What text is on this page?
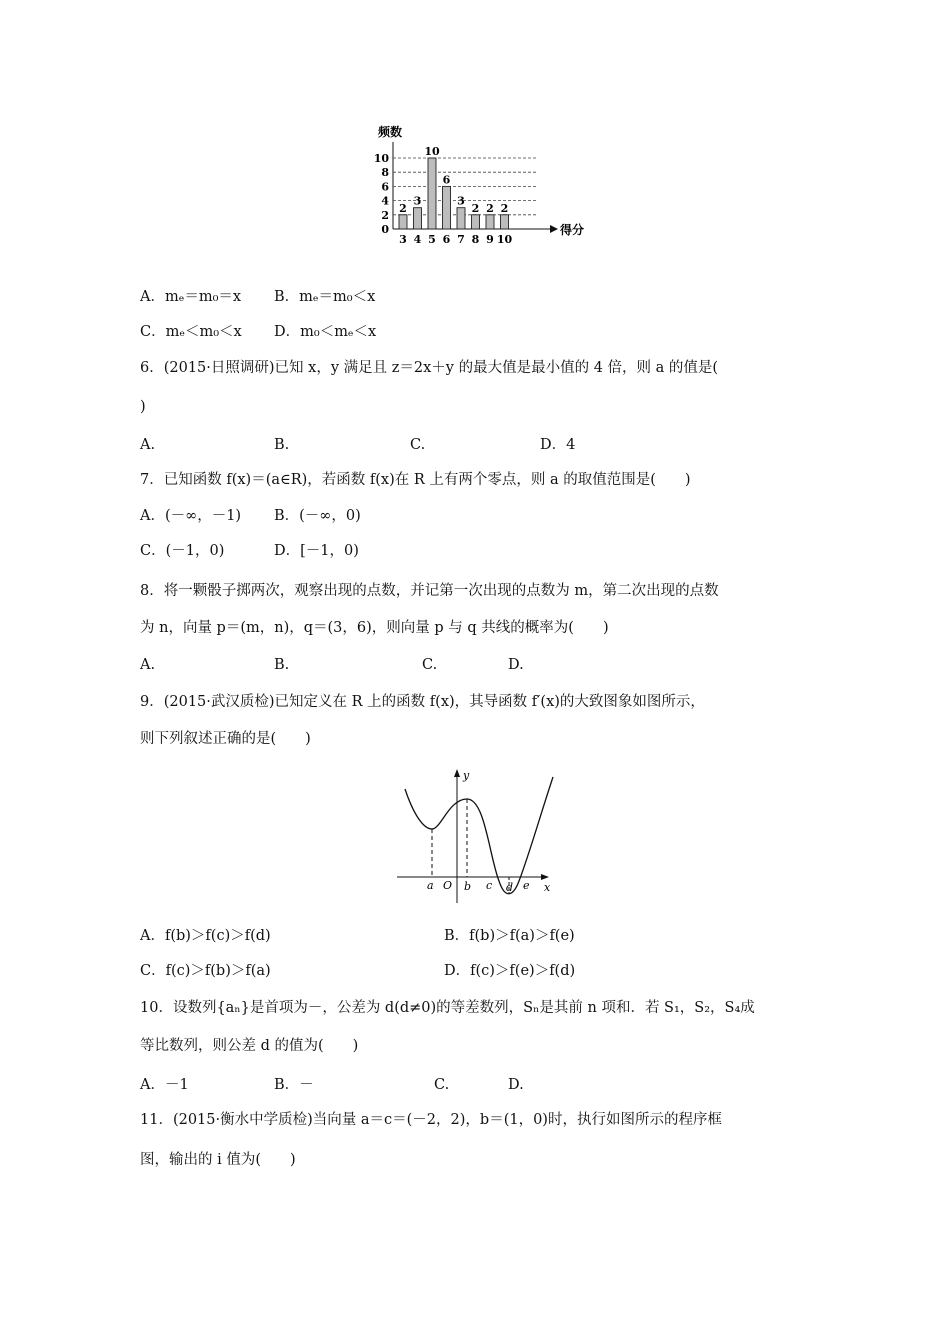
频数
得分
0
2
4
6
8
10
2
3
3
4
10
5
6
6
3
7
2
8
2
9
2
10
A．mₑ＝m₀＝x B．mₑ＝m₀＜x
C．mₑ＜m₀＜x D．m₀＜mₑ＜x
6．(2015·日照调研)已知 x，y 满足且 z＝2x＋y 的最大值是最小值的 4 倍，则 a 的值是(
)
A.	B.	C.	D．4
7．已知函数 f(x)＝(a∈R)，若函数 f(x)在 R 上有两个零点，则 a 的取值范围是(　　)
A．(－∞，－1) B．(－∞，0)
C．(－1，0)	D．[－1，0)
8．将一颗骰子掷两次，观察出现的点数，并记第一次出现的点数为 m，第二次出现的点数
为 n，向量 p＝(m，n)，q＝(3，6)，则向量 p 与 q 共线的概率为(　　)
A.	B.	C.	D.
9．(2015·武汉质检)已知定义在 R 上的函数 f(x)，其导函数 f′(x)的大致图象如图所示，
则下列叙述正确的是(　　)
y
x
a O b c d e
A．f(b)＞f(c)＞f(d)	B．f(b)＞f(a)＞f(e)
C．f(c)＞f(b)＞f(a)	D．f(c)＞f(e)＞f(d)
10．设数列{aₙ}是首项为－，公差为 d(d≠0)的等差数列，Sₙ是其前 n 项和．若 S₁，S₂，S₄成
等比数列，则公差 d 的值为(　　)
A．－1	B．－	C.	D.
11．(2015·衡水中学质检)当向量 a＝c＝(－2，2)，b＝(1，0)时，执行如图所示的程序框
图，输出的 i 值为(　　)
